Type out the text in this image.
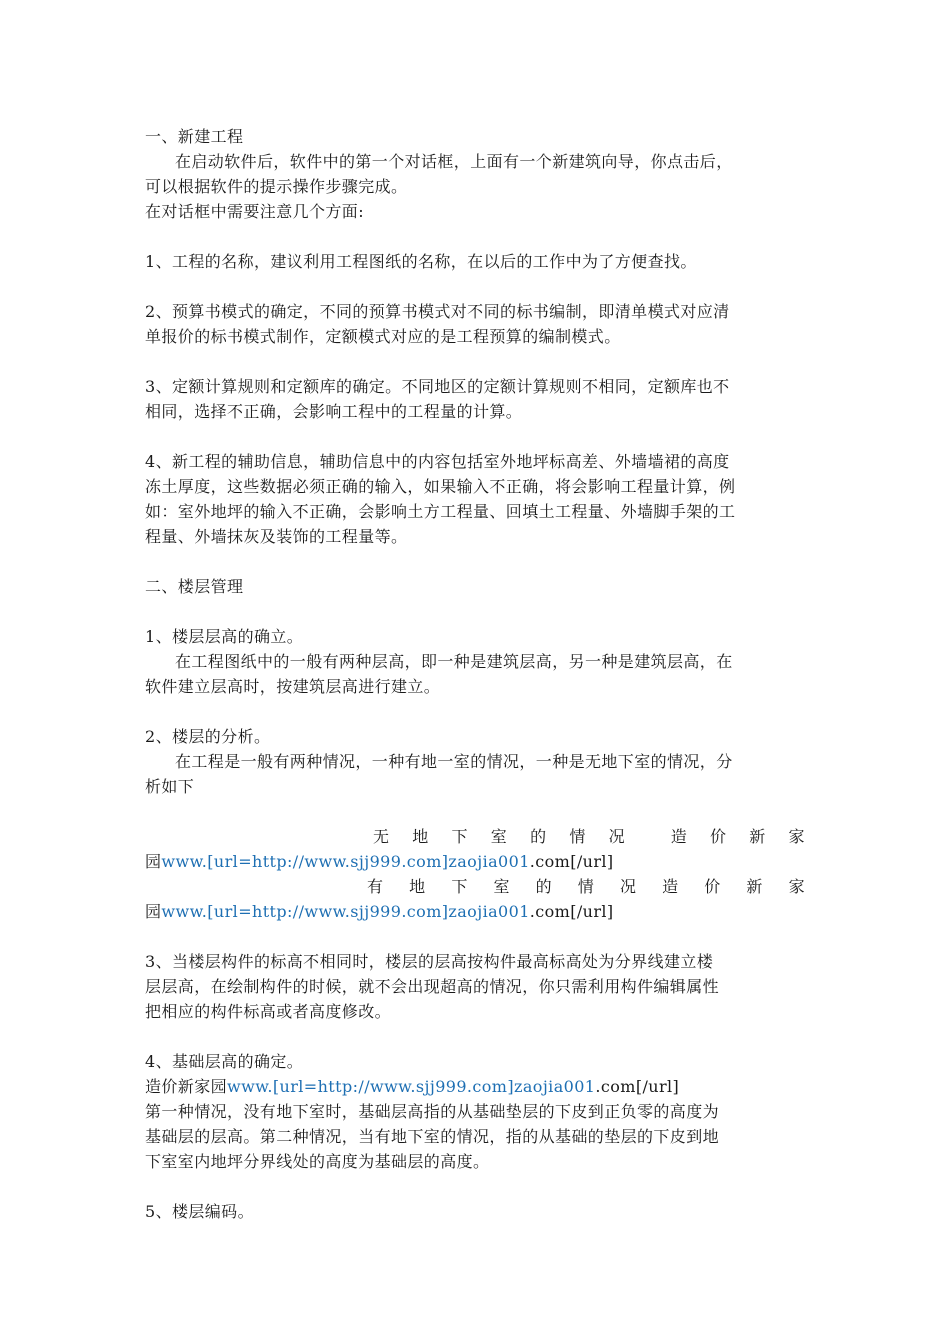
一、新建工程
在启动软件后，软件中的第一个对话框，上面有一个新建筑向导，你点击后，
可以根据软件的提示操作步骤完成。
在对话框中需要注意几个方面:
1、工程的名称，建议利用工程图纸的名称，在以后的工作中为了方便查找。
2、预算书模式的确定，不同的预算书模式对不同的标书编制，即清单模式对应清
单报价的标书模式制作，定额模式对应的是工程预算的编制模式。
3、定额计算规则和定额库的确定。不同地区的定额计算规则不相同，定额库也不
相同，选择不正确，会影响工程中的工程量的计算。
4、新工程的辅助信息，辅助信息中的内容包括室外地坪标高差、外墙墙裙的高度
冻土厚度，这些数据必须正确的输入，如果输入不正确，将会影响工程量计算，例
如：室外地坪的输入不正确，会影响土方工程量、回填土工程量、外墙脚手架的工
程量、外墙抹灰及装饰的工程量等。
二、楼层管理
1、楼层层高的确立。
在工程图纸中的一般有两种层高，即一种是建筑层高，另一种是建筑层高，在
软件建立层高时，按建筑层高进行建立。
2、楼层的分析。
在工程是一般有两种情况，一种有地一室的情况，一种是无地下室的情况，分
析如下
无 地 下 室 的 情 况	造 价 新 家
园www.[url=http://www.sjj999.com]zaojia001.com[/url]
有 地 下 室 的 情 况 造 价 新 家
园www.[url=http://www.sjj999.com]zaojia001.com[/url]
3、当楼层构件的标高不相同时，楼层的层高按构件最高标高处为分界线建立楼
层层高，在绘制构件的时候，就不会出现超高的情况，你只需利用构件编辑属性
把相应的构件标高或者高度修改。
4、基础层高的确定。
造价新家园www.[url=http://www.sjj999.com]zaojia001.com[/url]
第一种情况，没有地下室时，基础层高指的从基础垫层的下皮到正负零的高度为
基础层的层高。第二种情况，当有地下室的情况，指的从基础的垫层的下皮到地
下室室内地坪分界线处的高度为基础层的高度。
5、楼层编码。
